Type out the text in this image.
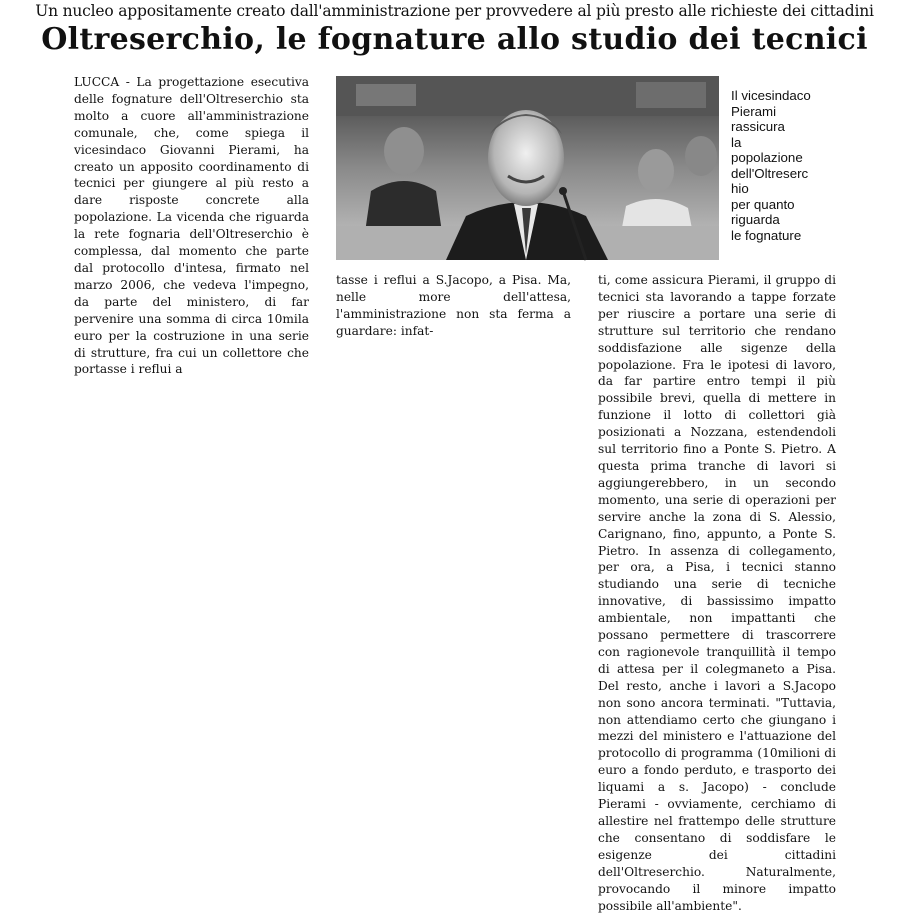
Un nucleo appositamente creato dall'amministrazione per provvedere al più presto alle richieste dei cittadini
Oltreserchio, le fognature allo studio dei tecnici

LUCCA - La progettazione esecutiva delle fognature dell'Oltreserchio sta molto a cuore all'amministrazione comunale, che, come spiega il vicesindaco Giovanni Pierami, ha creato un apposito coordinamento di tecnici per giungere al più resto a dare risposte concrete alla popolazione. La vicenda che riguarda la rete fognaria dell'Oltreserchio è complessa, dal momento che parte dal protocollo d'intesa, firmato nel marzo 2006, che vedeva l'impegno, da parte del ministero, di far pervenire una somma di circa 10mila euro per la costruzione in una serie di strutture, fra cui un collettore che portasse i reflui a

Il vicesindaco
Pierami
rassicura
la
popolazione
dell'Oltreserc
hio
per quanto
riguarda
le fognature

tasse i reflui a S.Jacopo, a Pisa. Ma, nelle more dell'attesa, l'amministrazione non sta ferma a guardare: infat-

ti, come assicura Pierami, il gruppo di tecnici sta lavorando a tappe forzate per riuscire a portare una serie di strutture sul territorio che rendano soddisfazione alle sigenze della popolazione. Fra le ipotesi di lavoro, da far partire entro tempi il più possibile brevi, quella di mettere in funzione il lotto di collettori già posizionati a Nozzana, estendendoli sul territorio fino a Ponte S. Pietro. A questa prima tranche di lavori si aggiungerebbero, in un secondo momento, una serie di operazioni per servire anche la zona di S. Alessio, Carignano, fino, appunto, a Ponte S. Pietro. In assenza di collegamento, per ora, a Pisa, i tecnici stanno studiando una serie di tecniche innovative, di bassissimo impatto ambientale, non impattanti che possano permettere di trascorrere con ragionevole tranquillità il tempo di attesa per il colegmaneto a Pisa. Del resto, anche i lavori a S.Jacopo non sono ancora terminati. "Tuttavia, non attendiamo certo che giungano i mezzi del ministero e l'attuazione del protocollo di programma (10milioni di euro a fondo perduto, e trasporto dei liquami a s. Jacopo) - conclude Pierami - ovviamente, cerchiamo di allestire nel frattempo delle strutture che consentano di soddisfare le esigenze dei cittadini dell'Oltreserchio. Naturalmente, provocando il minore impatto possibile all'ambiente".
